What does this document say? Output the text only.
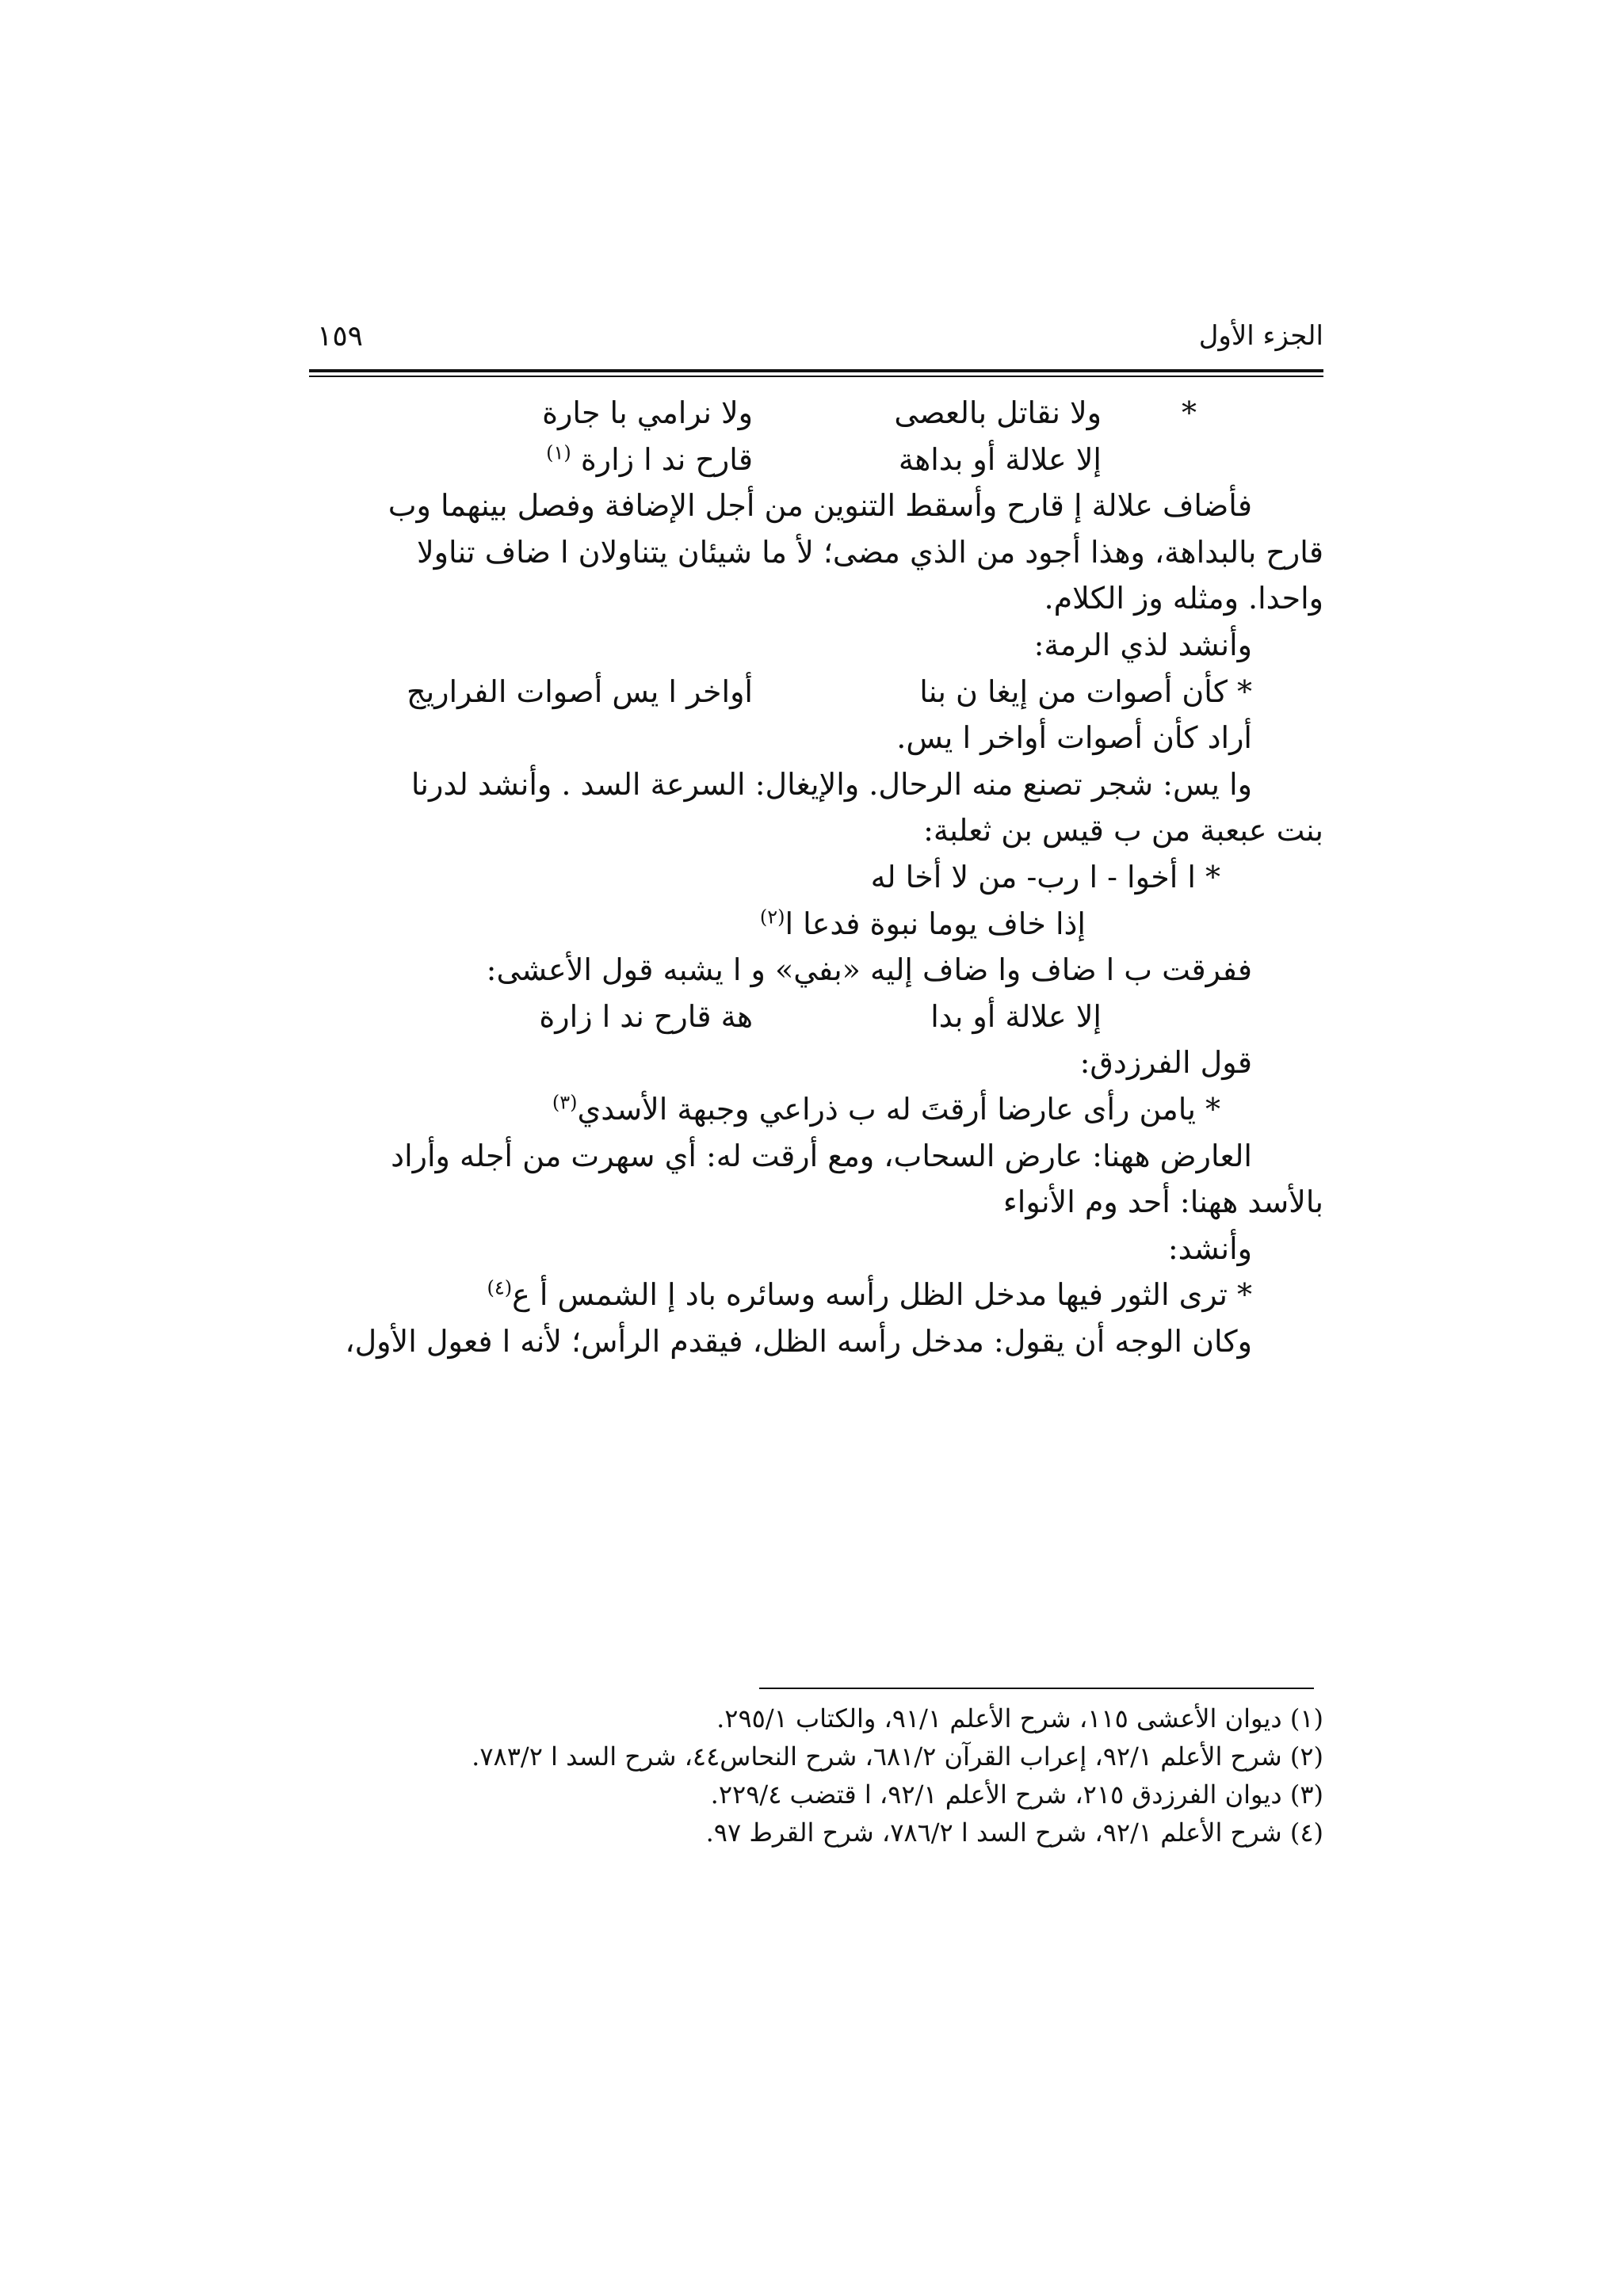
الجزء الأول
١٥٩
*
ولا نقاتل بالعصى
ولا نرامي با جارة
إلا علالة أو بداهة
قارح ند ا زارة $^{(١)}$
فأضاف علالة إ قارح وأسقط التنوين من أجل الإضافة وفصل بينهما وب
قارح بالبداهة، وهذا أجود من الذي مضى؛ لأ ما شيئان يتناولان ا ضاف تناولا
واحدا. ومثله وز الكلام.
وأنشد لذي الرمة:
* كأن أصوات من إيغا ن بنا
أواخر ا يس أصوات الفراريج
أراد كأن أصوات أواخر ا يس.
وا يس: شجر تصنع منه الرحال. والإيغال: السرعة السد . وأنشد لدرنا
بنت عبعبة من ب قيس بن ثعلبة:
* ا أخوا - ا رب- من لا أخا له
إذا خاف يوما نبوة فدعا ا$^{(٢)}$
ففرقت ب ا ضاف وا ضاف إليه «بفي» و ا يشبه قول الأعشى:
إلا علالة أو بدا
هة قارح ند ا زارة
قول الفرزدق:
* يامن رأى عارضا أرقتَ له ب ذراعي وجبهة الأسدي$^{(٣)}$
العارض ههنا: عارض السحاب، ومع أرقت له: أي سهرت من أجله وأراد
بالأسد ههنا: أحد وم الأنواء
وأنشد:
* ترى الثور فيها مدخل الظل رأسه وسائره باد إ الشمس أ ع$^{(٤)}$
وكان الوجه أن يقول: مدخل رأسه الظل، فيقدم الرأس؛ لأنه ا فعول الأول،
(١) ديوان الأعشى ١١٥، شرح الأعلم ٩١/١، والكتاب ٢٩٥/١.
(٢) شرح الأعلم ٩٢/١، إعراب القرآن ٦٨١/٢، شرح النحاس٤٤، شرح السد ا ٧٨٣/٢.
(٣) ديوان الفرزدق ٢١٥، شرح الأعلم ٩٢/١، ا قتضب ٢٢٩/٤.
(٤) شرح الأعلم ٩٢/١، شرح السد ا ٧٨٦/٢، شرح القرط ٩٧.
